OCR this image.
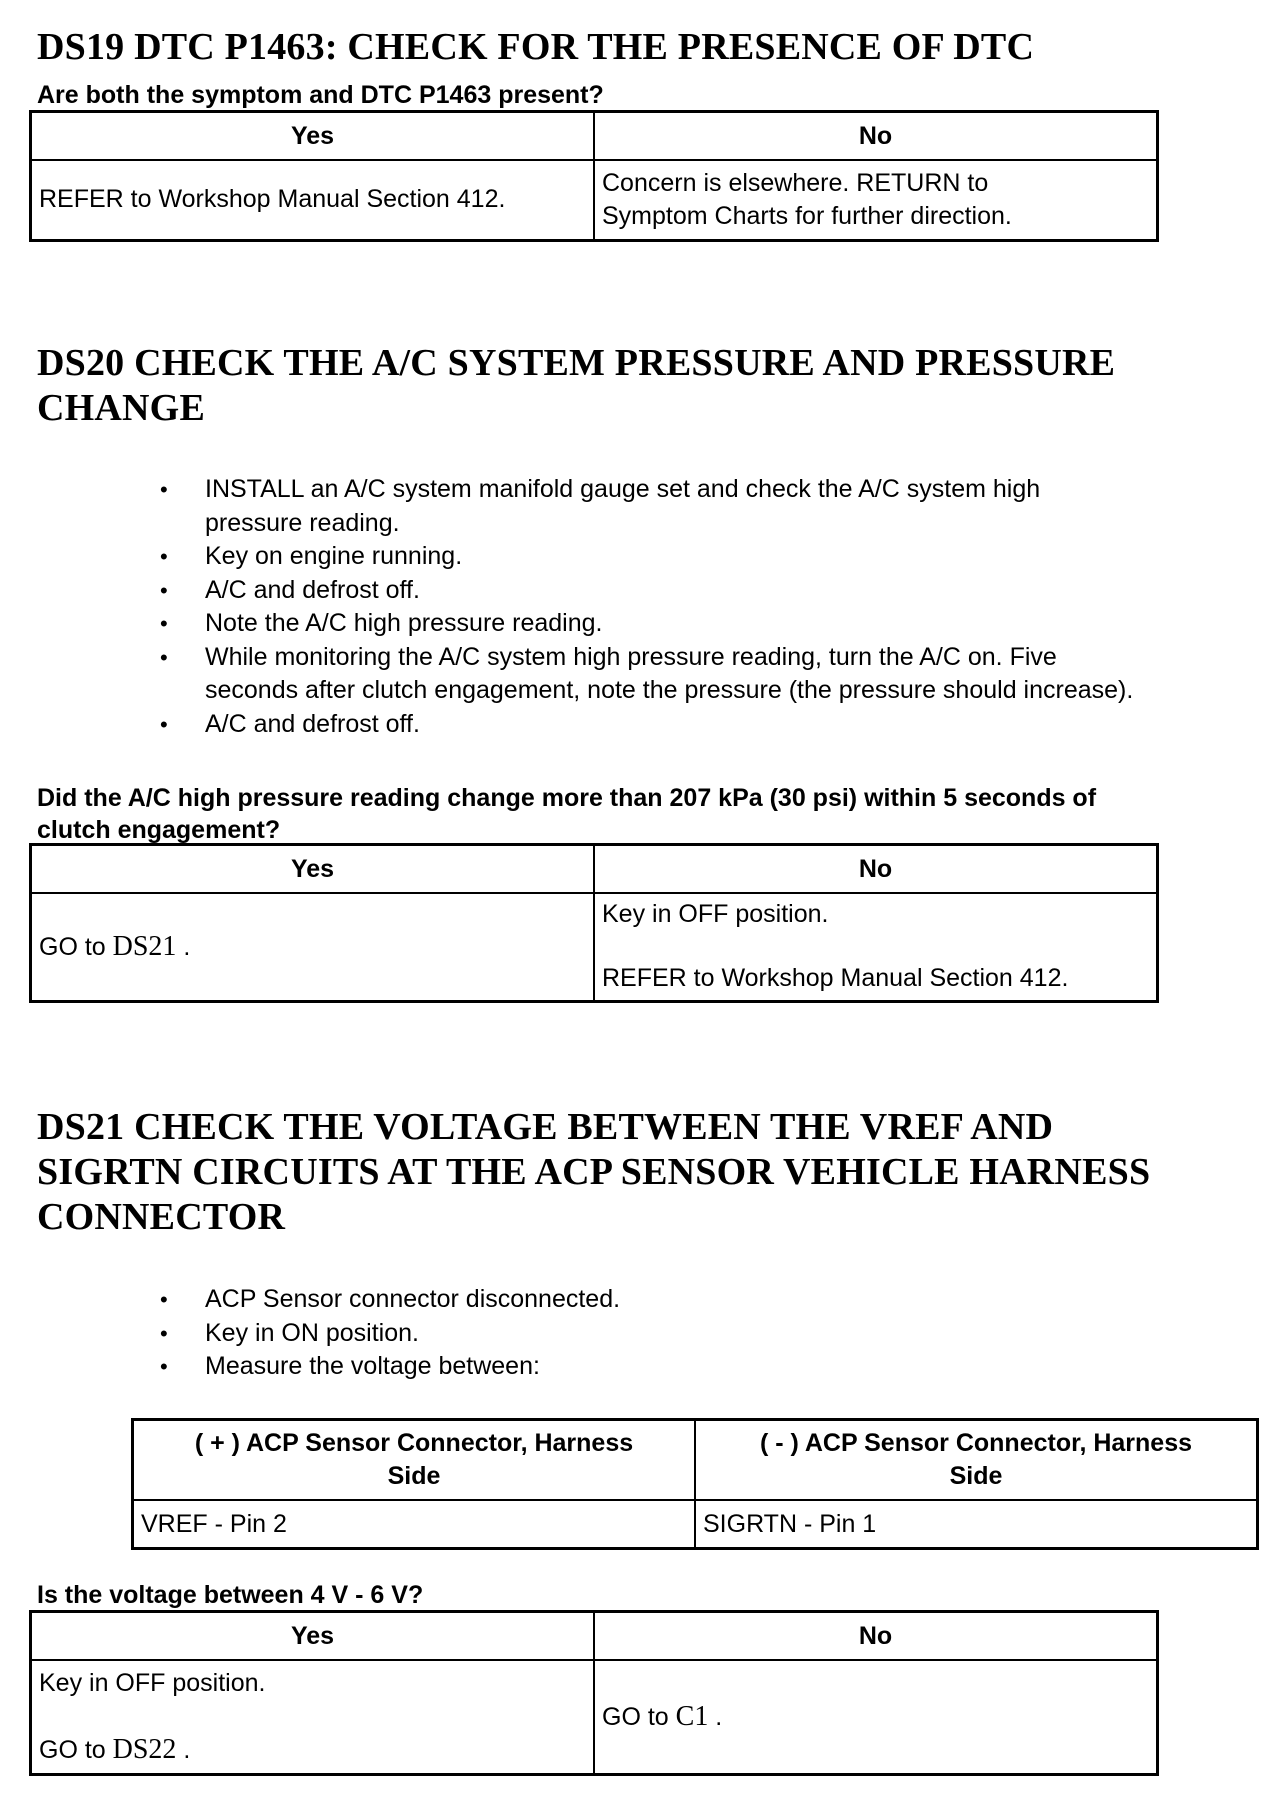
DS19 DTC P1463: CHECK FOR THE PRESENCE OF DTC
Are both the symptom and DTC P1463 present?
Yes	No
REFER to Workshop Manual Section 412.	Concern is elsewhere. RETURN to
Symptom Charts for further direction.
DS20 CHECK THE A/C SYSTEM PRESSURE AND PRESSURE
CHANGE
• INSTALL an A/C system manifold gauge set and check the A/C system high
pressure reading.
• Key on engine running.
• A/C and defrost off.
• Note the A/C high pressure reading.
• While monitoring the A/C system high pressure reading, turn the A/C on. Five
seconds after clutch engagement, note the pressure (the pressure should increase).
• A/C and defrost off.
Did the A/C high pressure reading change more than 207 kPa (30 psi) within 5 seconds of
clutch engagement?
Yes	No
GO to DS21 .	Key in OFF position.
REFER to Workshop Manual Section 412.
DS21 CHECK THE VOLTAGE BETWEEN THE VREF AND
SIGRTN CIRCUITS AT THE ACP SENSOR VEHICLE HARNESS
CONNECTOR
• ACP Sensor connector disconnected.
• Key in ON position.
• Measure the voltage between:
( + ) ACP Sensor Connector, Harness
Side	( - ) ACP Sensor Connector, Harness
Side

VREF - Pin 2	SIGRTN - Pin 1
Is the voltage between 4 V - 6 V?
Yes	No

Key in OFF position.
GO to DS22 .	GO to C1 .
